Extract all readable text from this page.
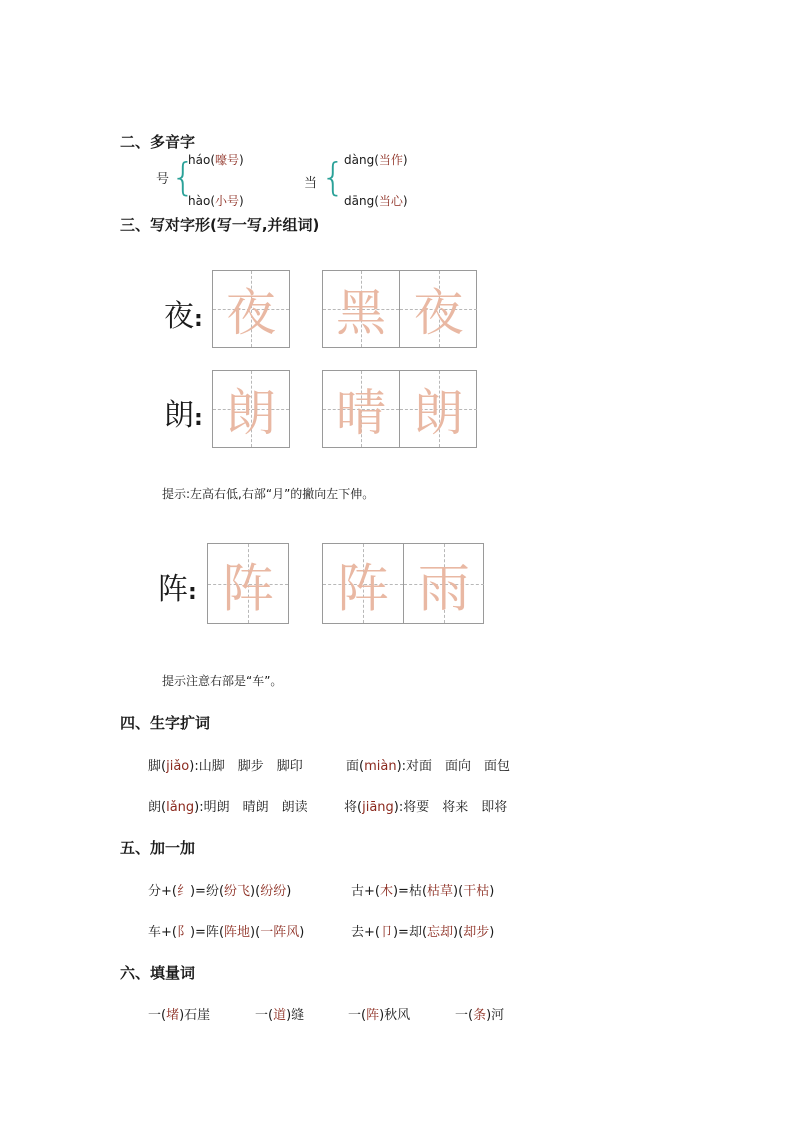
二、多音字
号 {
háo(嚎号)
hào(小号)
当 {
dàng(当作)
dāng(当心)
三、写对字形(写一写,并组词)
夜: 夜 黑 夜
朗: 朗 晴 朗
提示:左高右低,右部“月”的撇向左下伸。
阵: 阵 阵 雨
提示注意右部是“车”。
四、生字扩词
脚(jiǎo):山脚　脚步　脚印	面(miàn):对面　面向　面包
朗(lǎng):明朗　晴朗　朗读	将(jiāng):将要　将来　即将
五、加一加
分+(纟)=纷(纷飞)(纷纷)	古+(木)=枯(枯草)(干枯)
车+(阝)=阵(阵地)(一阵风)	去+(卩)=却(忘却)(却步)
六、填量词
一(堵)石崖	一(道)缝	一(阵)秋风	一(条)河
